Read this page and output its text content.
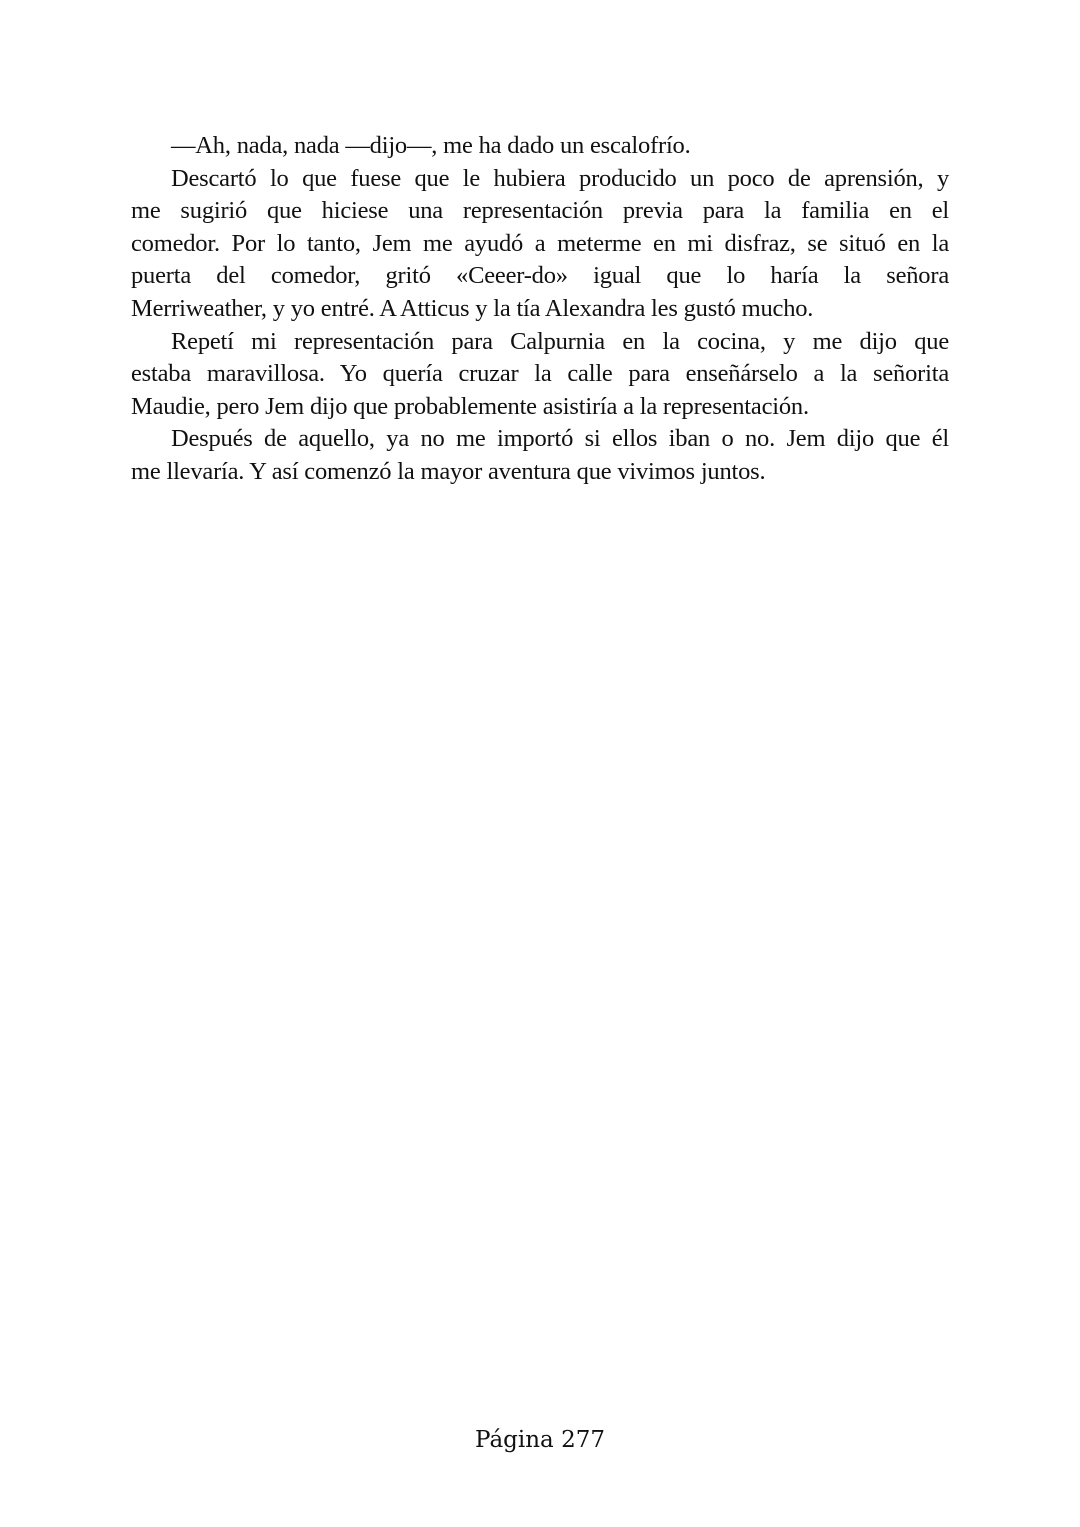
—Ah, nada, nada —dijo—, me ha dado un escalofrío.

Descartó lo que fuese que le hubiera producido un poco de aprensión, y
me sugirió que hiciese una representación previa para la familia en el
comedor. Por lo tanto, Jem me ayudó a meterme en mi disfraz, se situó en la
puerta del comedor, gritó «Ceeer-do» igual que lo haría la señora
Merriweather, y yo entré. A Atticus y la tía Alexandra les gustó mucho.

Repetí mi representación para Calpurnia en la cocina, y me dijo que
estaba maravillosa. Yo quería cruzar la calle para enseñárselo a la señorita
Maudie, pero Jem dijo que probablemente asistiría a la representación.

Después de aquello, ya no me importó si ellos iban o no. Jem dijo que él
me llevaría. Y así comenzó la mayor aventura que vivimos juntos.

Página 277
